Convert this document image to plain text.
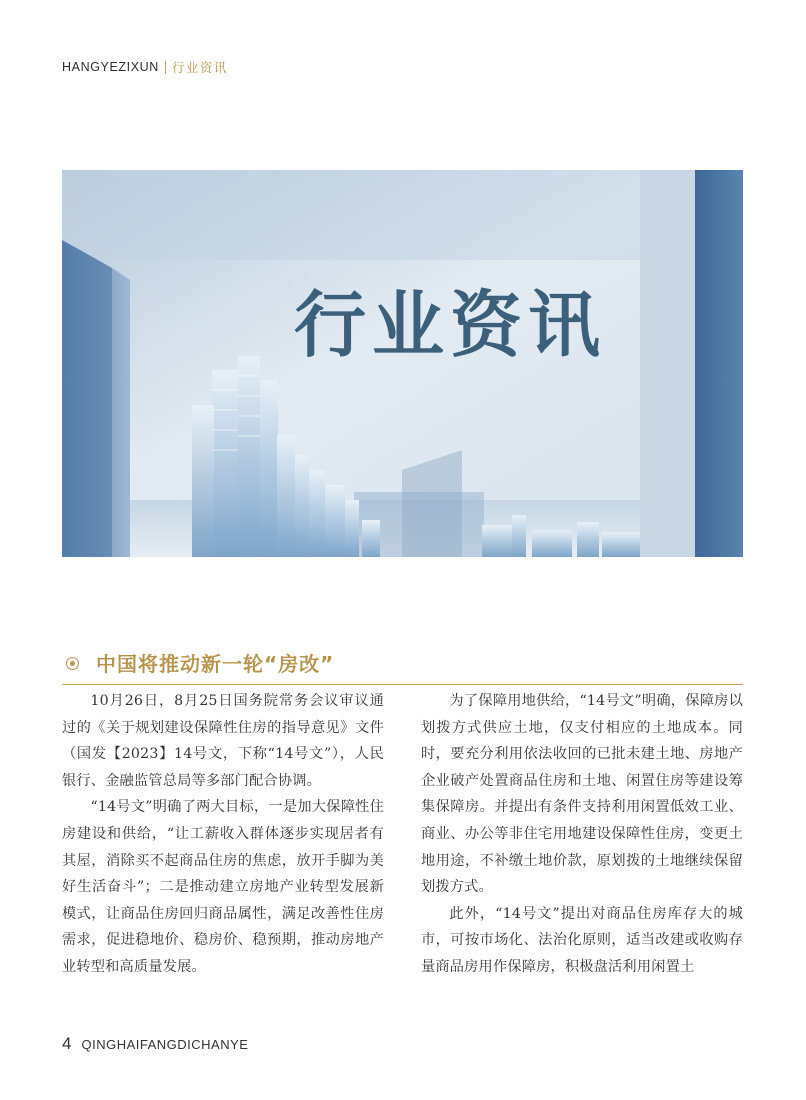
HANGYEZIXUN 行业资讯
行业资讯
中国将推动新一轮“房改”

10月26日，8月25日国务院常务会议审议通过的《关于规划建设保障性住房的指导意见》文件（国发【2023】14号文，下称“14号文”），人民银行、金融监管总局等多部门配合协调。

“14号文”明确了两大目标，一是加大保障性住房建设和供给，“让工薪收入群体逐步实现居者有其屋，消除买不起商品住房的焦虑，放开手脚为美好生活奋斗”；二是推动建立房地产业转型发展新模式，让商品住房回归商品属性，满足改善性住房需求，促进稳地价、稳房价、稳预期，推动房地产业转型和高质量发展。

为了保障用地供给，“14号文”明确，保障房以划拨方式供应土地，仅支付相应的土地成本。同时，要充分利用依法收回的已批未建土地、房地产企业破产处置商品住房和土地、闲置住房等建设筹集保障房。并提出有条件支持利用闲置低效工业、商业、办公等非住宅用地建设保障性住房，变更土地用途，不补缴土地价款，原划拨的土地继续保留划拨方式。

此外，“14号文”提出对商品住房库存大的城市，可按市场化、法治化原则，适当改建或收购存量商品房用作保障房，积极盘活利用闲置土

4 QINGHAIFANGDICHANYE
